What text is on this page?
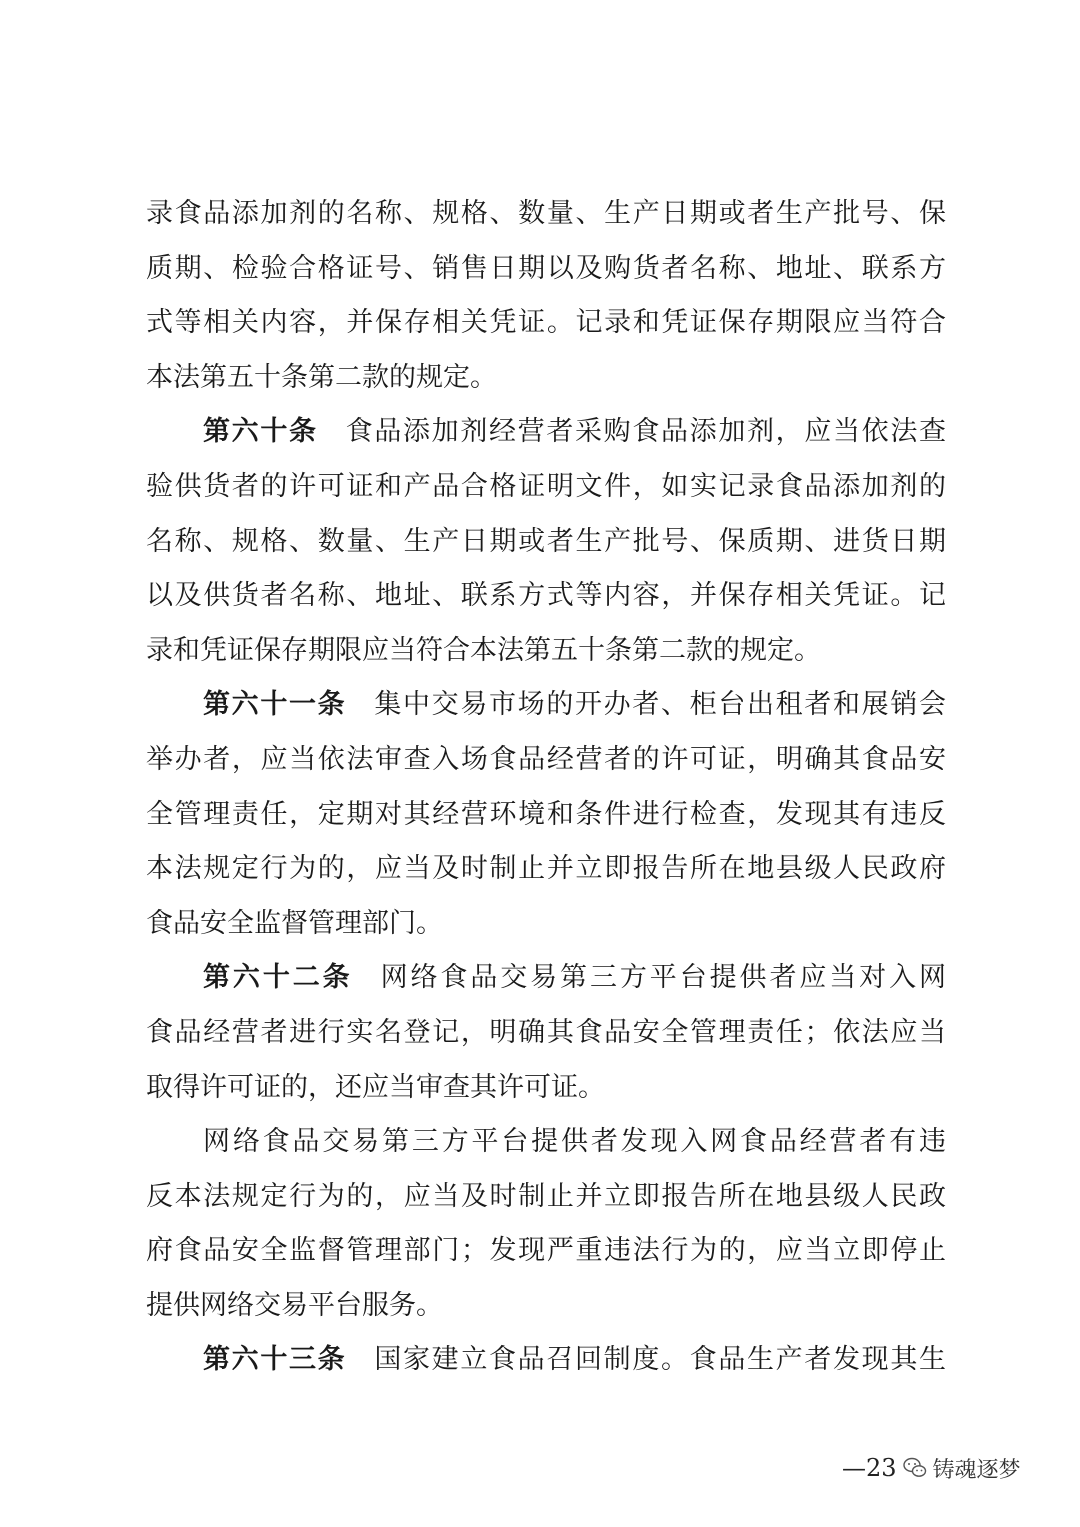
录食品添加剂的名称、规格、数量、生产日期或者生产批号、保
质期、检验合格证号、销售日期以及购货者名称、地址、联系方
式等相关内容，并保存相关凭证。记录和凭证保存期限应当符合
本法第五十条第二款的规定。
第六十条 食品添加剂经营者采购食品添加剂，应当依法查
验供货者的许可证和产品合格证明文件，如实记录食品添加剂的
名称、规格、数量、生产日期或者生产批号、保质期、进货日期
以及供货者名称、地址、联系方式等内容，并保存相关凭证。记
录和凭证保存期限应当符合本法第五十条第二款的规定。
第六十一条 集中交易市场的开办者、柜台出租者和展销会
举办者，应当依法审查入场食品经营者的许可证，明确其食品安
全管理责任，定期对其经营环境和条件进行检查，发现其有违反
本法规定行为的，应当及时制止并立即报告所在地县级人民政府
食品安全监督管理部门。
第六十二条 网络食品交易第三方平台提供者应当对入网
食品经营者进行实名登记，明确其食品安全管理责任；依法应当
取得许可证的，还应当审查其许可证。
网络食品交易第三方平台提供者发现入网食品经营者有违
反本法规定行为的，应当及时制止并立即报告所在地县级人民政
府食品安全监督管理部门；发现严重违法行为的，应当立即停止
提供网络交易平台服务。
第六十三条 国家建立食品召回制度。食品生产者发现其生
—23 铸魂逐梦
